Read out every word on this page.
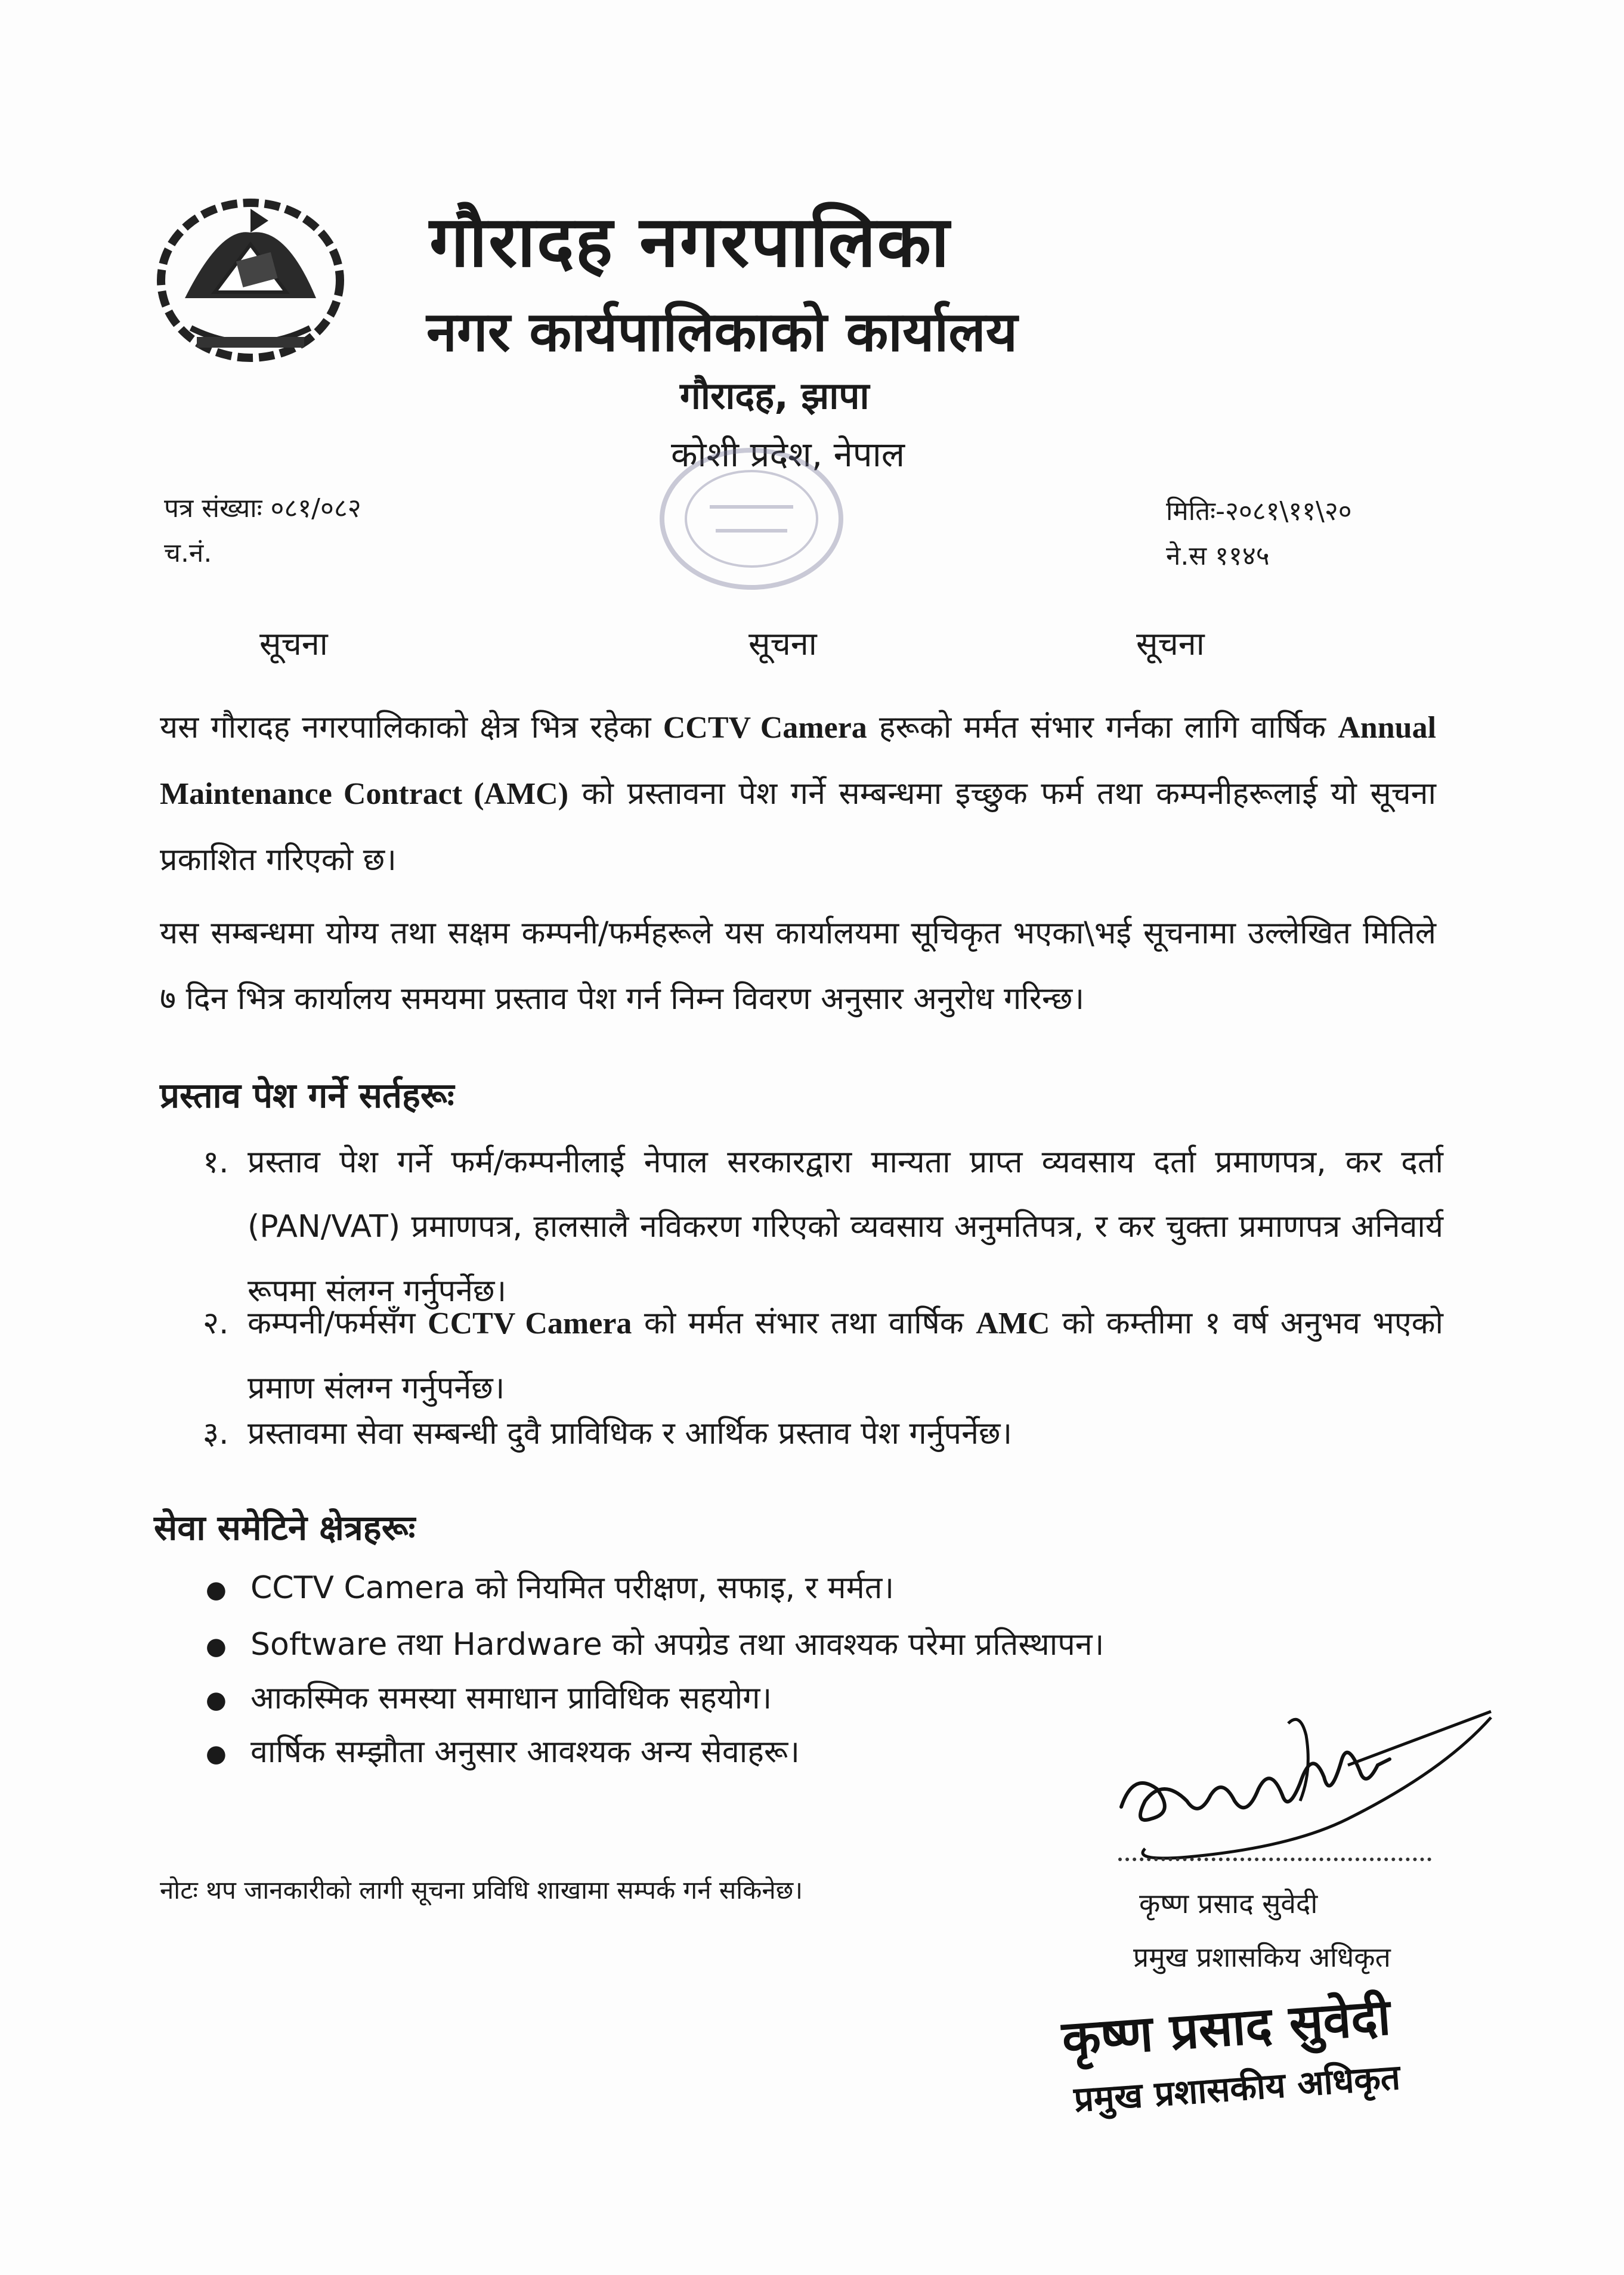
गौरादह नगरपालिका
नगर कार्यपालिकाको कार्यालय
गौरादह, झापा
कोशी प्रदेश, नेपाल
पत्र संख्याः ०८१/०८२
च.नं.
मितिः-२०८१\११\२०
ने.स ११४५
सूचना	सूचना	सूचना
यस गौरादह नगरपालिकाको क्षेत्र भित्र रहेका CCTV Camera हरूको मर्मत संभार गर्नका लागि वार्षिक Annual Maintenance Contract (AMC) को प्रस्तावना पेश गर्ने सम्बन्धमा इच्छुक फर्म तथा कम्पनीहरूलाई यो सूचना प्रकाशित गरिएको छ।
यस सम्बन्धमा योग्य तथा सक्षम कम्पनी/फर्महरूले यस कार्यालयमा सूचिकृत भएका\भई सूचनामा उल्लेखित मितिले ७ दिन भित्र कार्यालय समयमा प्रस्ताव पेश गर्न निम्न विवरण अनुसार अनुरोध गरिन्छ।
प्रस्ताव पेश गर्ने सर्तहरूः
१. प्रस्ताव पेश गर्ने फर्म/कम्पनीलाई नेपाल सरकारद्वारा मान्यता प्राप्त व्यवसाय दर्ता प्रमाणपत्र, कर दर्ता (PAN/VAT) प्रमाणपत्र, हालसालै नविकरण गरिएको व्यवसाय अनुमतिपत्र, र कर चुक्ता प्रमाणपत्र अनिवार्य रूपमा संलग्न गर्नुपर्नेछ।
२. कम्पनी/फर्मसँग CCTV Camera को मर्मत संभार तथा वार्षिक AMC को कम्तीमा १ वर्ष अनुभव भएको प्रमाण संलग्न गर्नुपर्नेछ।
३. प्रस्तावमा सेवा सम्बन्धी दुवै प्राविधिक र आर्थिक प्रस्ताव पेश गर्नुपर्नेछ।
सेवा समेटिने क्षेत्रहरूः
● CCTV Camera को नियमित परीक्षण, सफाइ, र मर्मत।
● Software तथा Hardware को अपग्रेड तथा आवश्यक परेमा प्रतिस्थापन।
● आकस्मिक समस्या समाधान प्राविधिक सहयोग।
● वार्षिक सम्झौता अनुसार आवश्यक अन्य सेवाहरू।
नोटः थप जानकारीको लागी सूचना प्रविधि शाखामा सम्पर्क गर्न सकिनेछ।	कृष्ण प्रसाद सुवेदी
प्रमुख प्रशासकिय अधिकृत
कृष्ण प्रसाद सुवेदी
प्रमुख प्रशासकीय अधिकृत
